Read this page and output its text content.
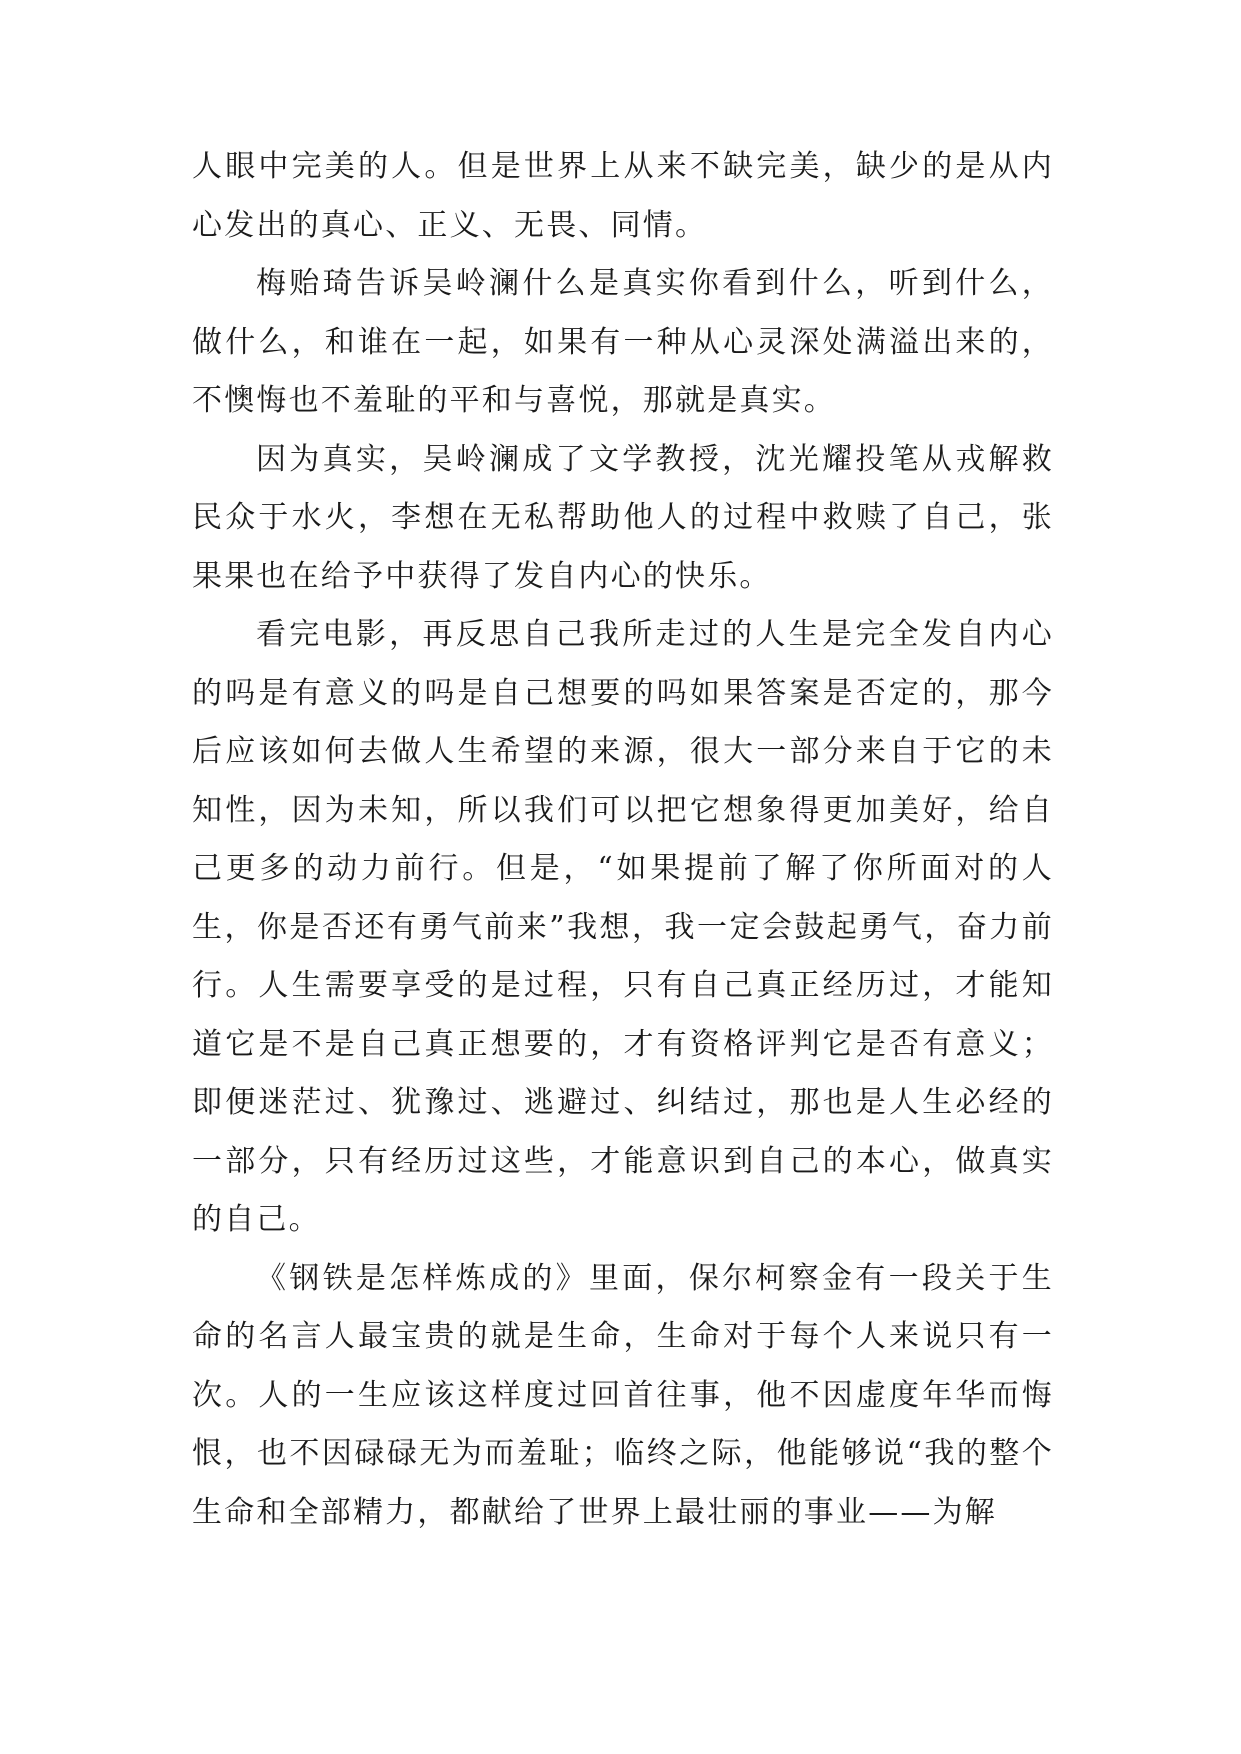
人眼中完美的人。但是世界上从来不缺完美，缺少的是从内心发出的真心、正义、无畏、同情。

梅贻琦告诉吴岭澜什么是真实你看到什么，听到什么，做什么，和谁在一起，如果有一种从心灵深处满溢出来的，不懊悔也不羞耻的平和与喜悦，那就是真实。

因为真实，吴岭澜成了文学教授，沈光耀投笔从戎解救民众于水火，李想在无私帮助他人的过程中救赎了自己，张果果也在给予中获得了发自内心的快乐。

看完电影，再反思自己我所走过的人生是完全发自内心的吗是有意义的吗是自己想要的吗如果答案是否定的，那今后应该如何去做人生希望的来源，很大一部分来自于它的未知性，因为未知，所以我们可以把它想象得更加美好，给自己更多的动力前行。但是，“如果提前了解了你所面对的人生，你是否还有勇气前来”我想，我一定会鼓起勇气，奋力前行。人生需要享受的是过程，只有自己真正经历过，才能知道它是不是自己真正想要的，才有资格评判它是否有意义；即便迷茫过、犹豫过、逃避过、纠结过，那也是人生必经的一部分，只有经历过这些，才能意识到自己的本心，做真实的自己。

《钢铁是怎样炼成的》里面，保尔柯察金有一段关于生命的名言人最宝贵的就是生命，生命对于每个人来说只有一次。人的一生应该这样度过回首往事，他不因虚度年华而悔恨，也不因碌碌无为而羞耻；临终之际，他能够说“我的整个生命和全部精力，都献给了世界上最壮丽的事业——为解
